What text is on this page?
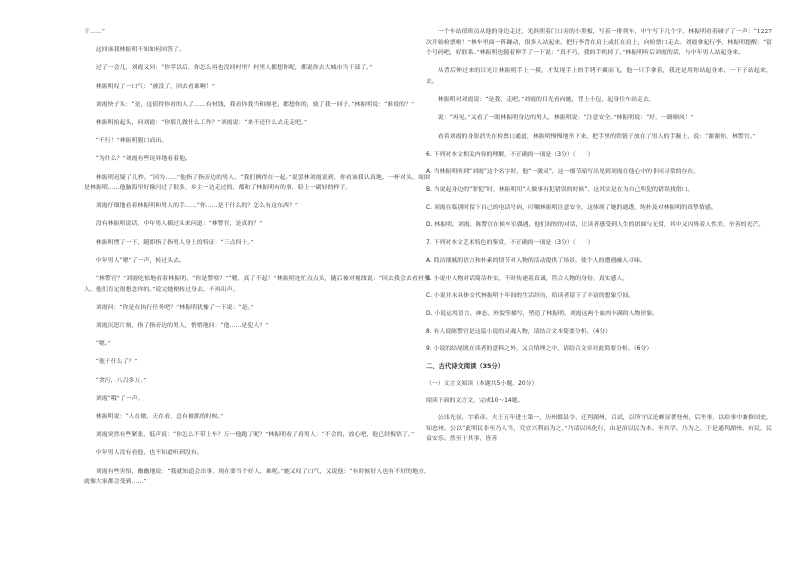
于……”
这回该我林振明不知如何回答了。
过了一会儿，刘霞又问：“你苹以后，你怎么再也没回村里？村里人都想你呢，都说你去大城市当干部了。”
林振明叹了一口气：“被没了，回去看谁啊！”
刘霞快子头：“是，这值得你看的人了……有材钱，我看你我当和刚老。都想你的，致了我一回子。”林振明说：“谁说的？”
林振明抬起头，问刘霞：“你那儿做什么工作？”刘霞说：“来不还什么去走走吧。”
“不行！”林振明脱口而出。
“为什么？”刘霞有些诧异地看着他。
林振明迟疑了几秒。“因为……”他指了指旁边的男人，“我们俩得在一起。”说罢林刘霞说到，你看该我认真地，一杯对头，周围是林振明……他脑海里好像闪过了很多，乡主一边走过的，都和了林振明有的事，脸上一副轻的样子。
刘霞仔细地看着林振明和男人的手……“你……是干什么的？怎么有这东西？”
没有林振明说话，中年男人插过头来问道：“林警官，是真的？”
林振明愣了一下，随即指了指男人身上的特证：“三点四十。”
中年男人“嗯”了一声，转过头去。
“林警官？”刘霞吃惊地看着林振明，“你是警察？”“嗯，真了不起！”林振明连忙点点头，随后被对视线说：“回去我会去看村里人，他们肯定很想念你的。”说完她便转过身去，不再出声。
刘霞问：“你是在执行任务吧？”林振明犹豫了一下说：“是。”
刘霞沉思片刻，指了指旁边的男人，悄悄地问：“他……是犯人？”
“嗯。”
“他干什么了？”
“贪污，八百多万。”
刘霞“哦”了一声。
林振明说：“人在做，天在看，总有被抓的时候。”
刘霞突然有些紧张，低声说：“你怎么不带上车？万一他跑了呢？”林振明看了看男人：“不会的，放心吧，他已经悔悟了。”
中年男人没有看他，也不知道听到没有。
刘霞有些害怕，幽幽地说：“我就知道会出事，现在要当个好人，难呢。”她又叹了口气，又说他：“有时候好人也有不好的地方，就像大家都会受到……”
一个车站值班员从他的身边走过，光斜照着门口旁的小黑板，写着一排列车，中午写下几个字，林振明看着碰子了一声：“1227次开始检票啦！”林车里面一阵躁动，很多人站起来。把行李背在肩上或扛在肩上，向检票口走去。刘霞拿起行李，林振明提醒：“留个号码吧，好联系。”林振明也随着伸手了一下说：“真不巧，我的手机掉了。”林振明听后刘霞的话，与中年男人站起身来。
从背后伸过来的目光让林振明手上一摸，才发现手上的手铐不翼而飞。他一只手拿着，我还是用你站起身来，一下子站起来，去。
林振明对刘霞说：“是我，走吧。”刘霞的目光看向她，背上小包，起身往车站走去，
说：“再见。”又看了一眼林振明身边的男人，林振明说：“注意安全。”林振明说：“好，一路顺风！”
看着刘霞的身影消失在检票口通道，林振明慢慢地坐下来，把手里的铁链子放在了男人的手腕上，说：“谢谢你，林警官。”
6. 下列对本文相关内容的理解，不正确的一项是（3分）（　　）
A. 当林振明听到“刘霞”这个名字时，他“一激灵”，这一细节暗写出见到刘霞在他心中的非同寻常的存在。
B. 当说起身边的“罪犯”时，林振明用“人做事有犯错误的时候”，这其实是在为自己所犯的错误找借口。
C. 刘霞在临别时留下自己的电话号码，叮嘱林振明注意安全，这体现了她的通透、纯朴及对林振明的真挚情感。
D. 林振明、刘霞、陈警官在候车室偶遇，他们间短的对话，让读者感受到人生的团圆与无常，其中又闪烁着人性美、至善的光芒。
7. 下列对本文艺术特色的鉴赏，不正确的一项是（3分）（　　）
A. 简洁细腻的语言和朴素的情节对人物的活动提供了场景，使个人的遭遇融入寻味。
B. 小说中人物对话简洁朴实，不时传递着真诚，符合人物的身份，真实感人。
C. 小说并未具体交代林振明十年间的生活经历，给读者留下了丰富的想象空间。
D. 小说运用语言、神态、外貌等描写，塑造了林振明、刘霞这两个血肉丰满的人物形象。
8. 有人说陈警官是这篇小说的灵魂人物，请结合文本简要分析。（4分）
9. 小说的结尾既在读者的意料之外，又合情理之中，请结合文章对此简要分析。（6分）
二、古代诗文阅读（35分）
（一）文言文阅读（本题共5小题，20分）
阅读下面的文言文，完成10～14题。
公讳光显，字希彦。夫王五年进士第一，历州郡县令、迁判湖州，召试，以所守议论颇显著登州，后坐事，以给事中兼修国史，知忠州。公以“此明民非至乃人当，究宜兴利而为之，”乃请以风化行，由是治以民为本。至其学，乃为之，于是通判湖州。有民，民益安乐。然至于其事，皆善
